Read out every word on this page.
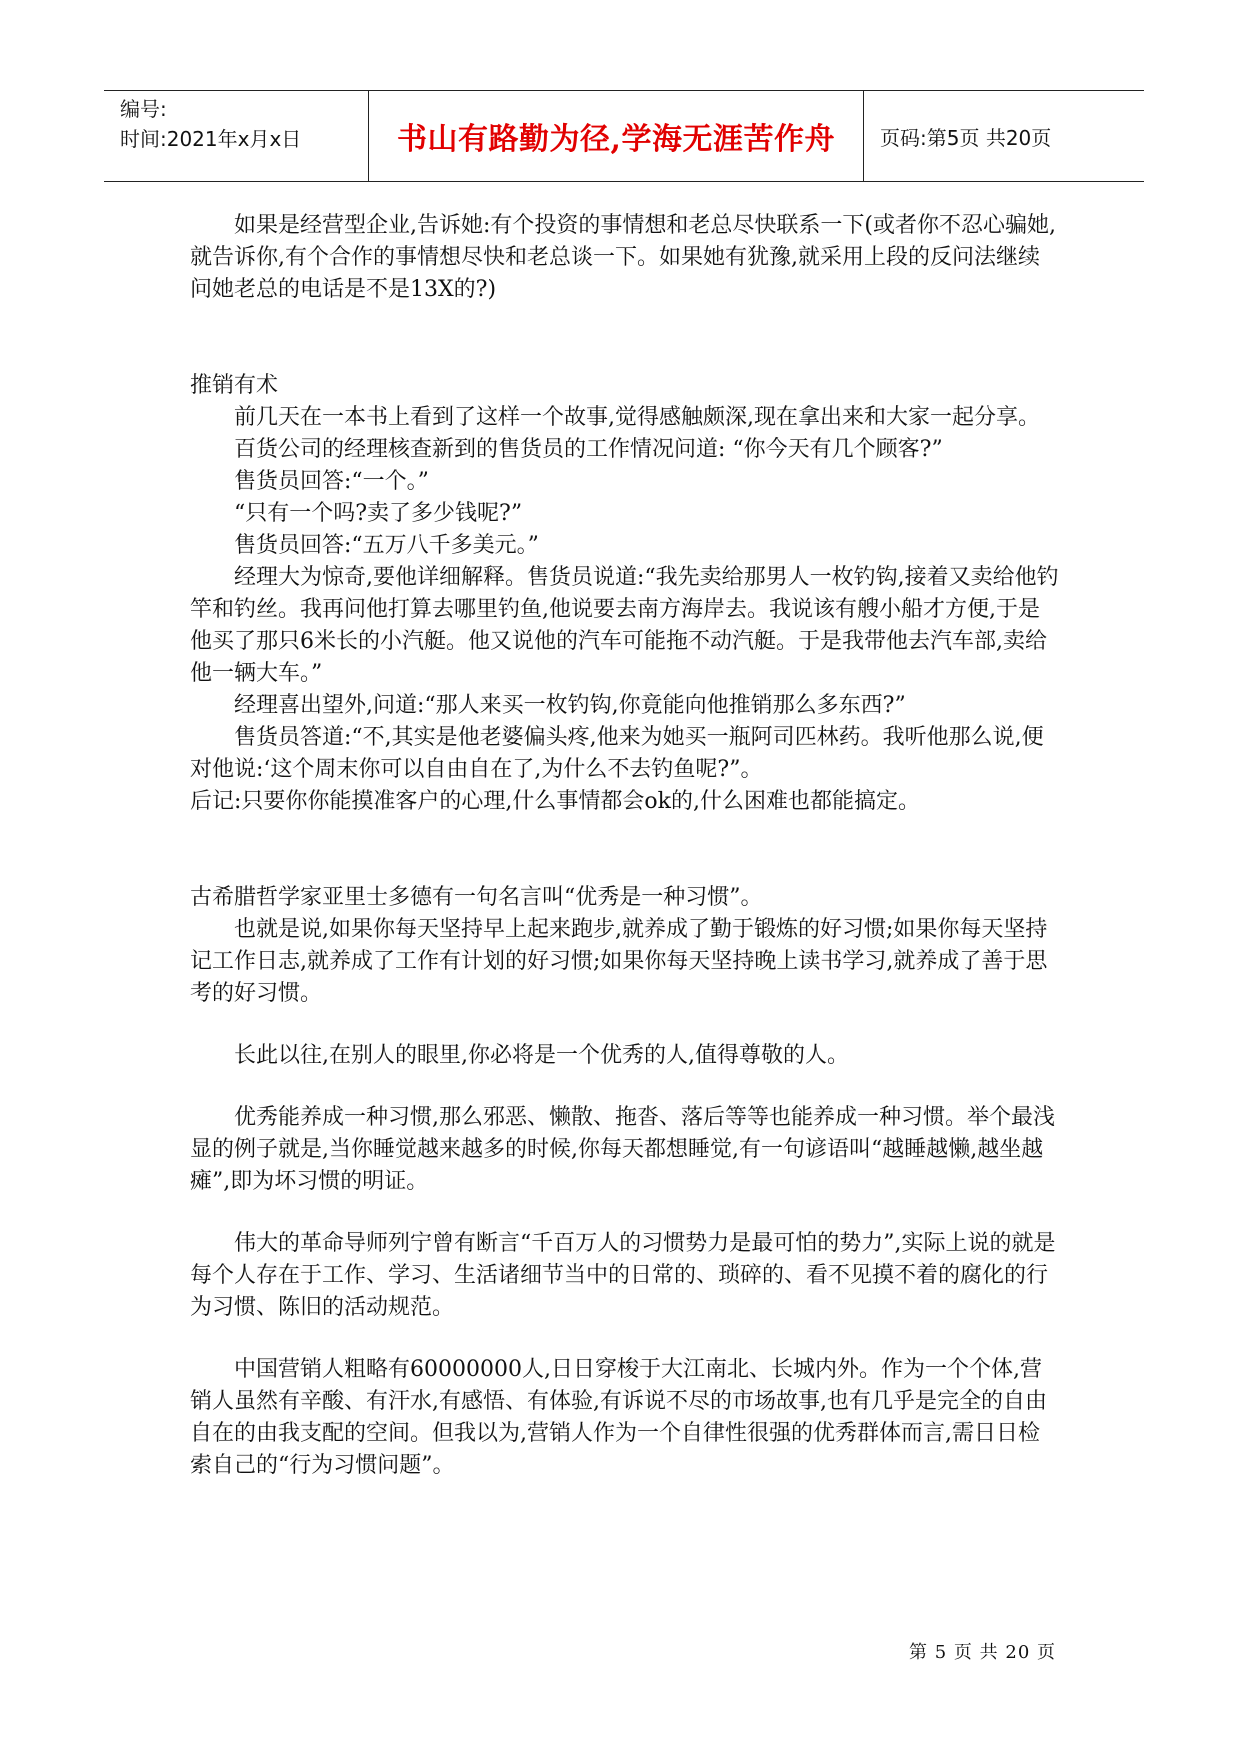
编号:
时间:2021年x月x日	书山有路勤为径,学海无涯苦作舟	页码:第5页 共20页

如果是经营型企业,告诉她:有个投资的事情想和老总尽快联系一下(或者你不忍心骗她,就告诉你,有个合作的事情想尽快和老总谈一下。如果她有犹豫,就采用上段的反问法继续问她老总的电话是不是13X的?)

推销有术

前几天在一本书上看到了这样一个故事,觉得感触颇深,现在拿出来和大家一起分享。

百货公司的经理核查新到的售货员的工作情况问道: “你今天有几个顾客?”

售货员回答:“一个。”

“只有一个吗?卖了多少钱呢?”

售货员回答:“五万八千多美元。”

经理大为惊奇,要他详细解释。售货员说道:“我先卖给那男人一枚钓钩,接着又卖给他钓竿和钓丝。我再问他打算去哪里钓鱼,他说要去南方海岸去。我说该有艘小船才方便,于是他买了那只6米长的小汽艇。他又说他的汽车可能拖不动汽艇。于是我带他去汽车部,卖给他一辆大车。”

经理喜出望外,问道:“那人来买一枚钓钩,你竟能向他推销那么多东西?”

售货员答道:“不,其实是他老婆偏头疼,他来为她买一瓶阿司匹林药。我听他那么说,便对他说:‘这个周末你可以自由自在了,为什么不去钓鱼呢?”。

后记:只要你你能摸准客户的心理,什么事情都会ok的,什么困难也都能搞定。

古希腊哲学家亚里士多德有一句名言叫“优秀是一种习惯”。

也就是说,如果你每天坚持早上起来跑步,就养成了勤于锻炼的好习惯;如果你每天坚持记工作日志,就养成了工作有计划的好习惯;如果你每天坚持晚上读书学习,就养成了善于思考的好习惯。

长此以往,在别人的眼里,你必将是一个优秀的人,值得尊敬的人。

优秀能养成一种习惯,那么邪恶、懒散、拖沓、落后等等也能养成一种习惯。举个最浅显的例子就是,当你睡觉越来越多的时候,你每天都想睡觉,有一句谚语叫“越睡越懒,越坐越瘫”,即为坏习惯的明证。

伟大的革命导师列宁曾有断言“千百万人的习惯势力是最可怕的势力”,实际上说的就是每个人存在于工作、学习、生活诸细节当中的日常的、琐碎的、看不见摸不着的腐化的行为习惯、陈旧的活动规范。

中国营销人粗略有60000000人,日日穿梭于大江南北、长城内外。作为一个个体,营销人虽然有辛酸、有汗水,有感悟、有体验,有诉说不尽的市场故事,也有几乎是完全的自由自在的由我支配的空间。但我以为,营销人作为一个自律性很强的优秀群体而言,需日日检索自己的“行为习惯问题”。

第 5 页 共 20 页
